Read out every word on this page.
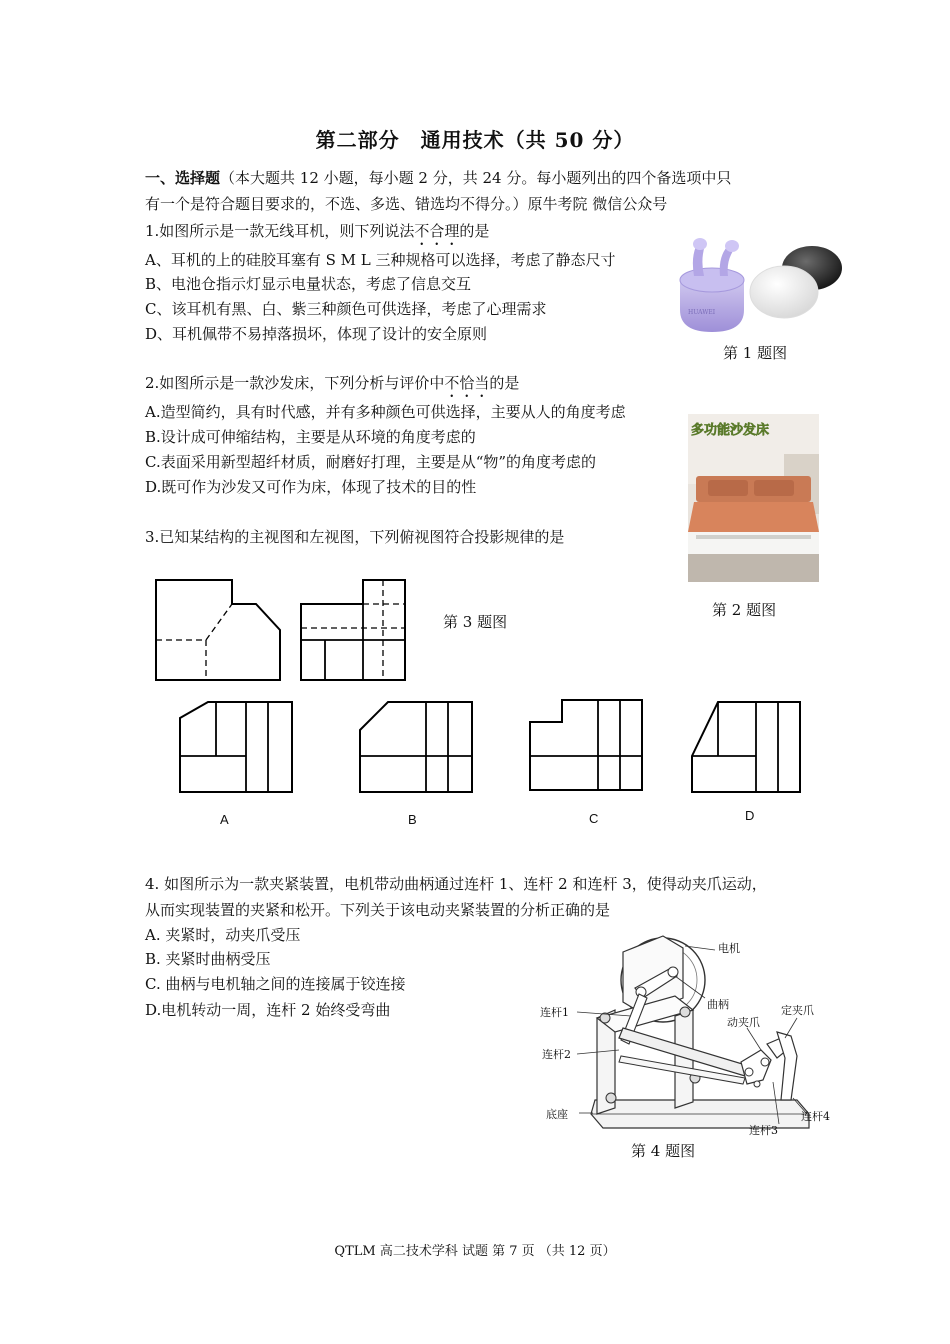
第二部分　通用技术（共 50 分）
一、选择题（本大题共 12 小题，每小题 2 分，共 24 分。每小题列出的四个备选项中只
有一个是符合题目要求的，不选、多选、错选均不得分。）原牛考院 微信公众号
1.如图所示是一款无线耳机，则下列说法不合理的是
A、耳机的上的硅胶耳塞有 S M L 三种规格可以选择，考虑了静态尺寸
B、电池仓指示灯显示电量状态，考虑了信息交互
C、该耳机有黑、白、紫三种颜色可供选择，考虑了心理需求
D、耳机佩带不易掉落损坏，体现了设计的安全原则
HUAWEI
第 1 题图
2.如图所示是一款沙发床，下列分析与评价中不恰当的是
A.造型简约，具有时代感，并有多种颜色可供选择，主要从人的角度考虑
B.设计成可伸缩结构，主要是从环境的角度考虑的
C.表面采用新型超纤材质，耐磨好打理，主要是从“物”的角度考虑的
D.既可作为沙发又可作为床，体现了技术的目的性
多功能沙发床
第 2 题图
3.已知某结构的主视图和左视图，下列俯视图符合投影规律的是
第 3 题图
A	B	C	D
4. 如图所示为一款夹紧装置，电机带动曲柄通过连杆 1、连杆 2 和连杆 3，使得动夹爪运动，
从而实现装置的夹紧和松开。下列关于该电动夹紧装置的分析正确的是
A. 夹紧时，动夹爪受压
B. 夹紧时曲柄受压
C. 曲柄与电机轴之间的连接属于铰连接
D.电机转动一周，连杆 2 始终受弯曲
电机
曲柄
动夹爪
定夹爪
连杆1
连杆2
底座
连杆3
连杆4
第 4 题图
QTLM 高二技术学科 试题 第 7 页 （共 12 页）
